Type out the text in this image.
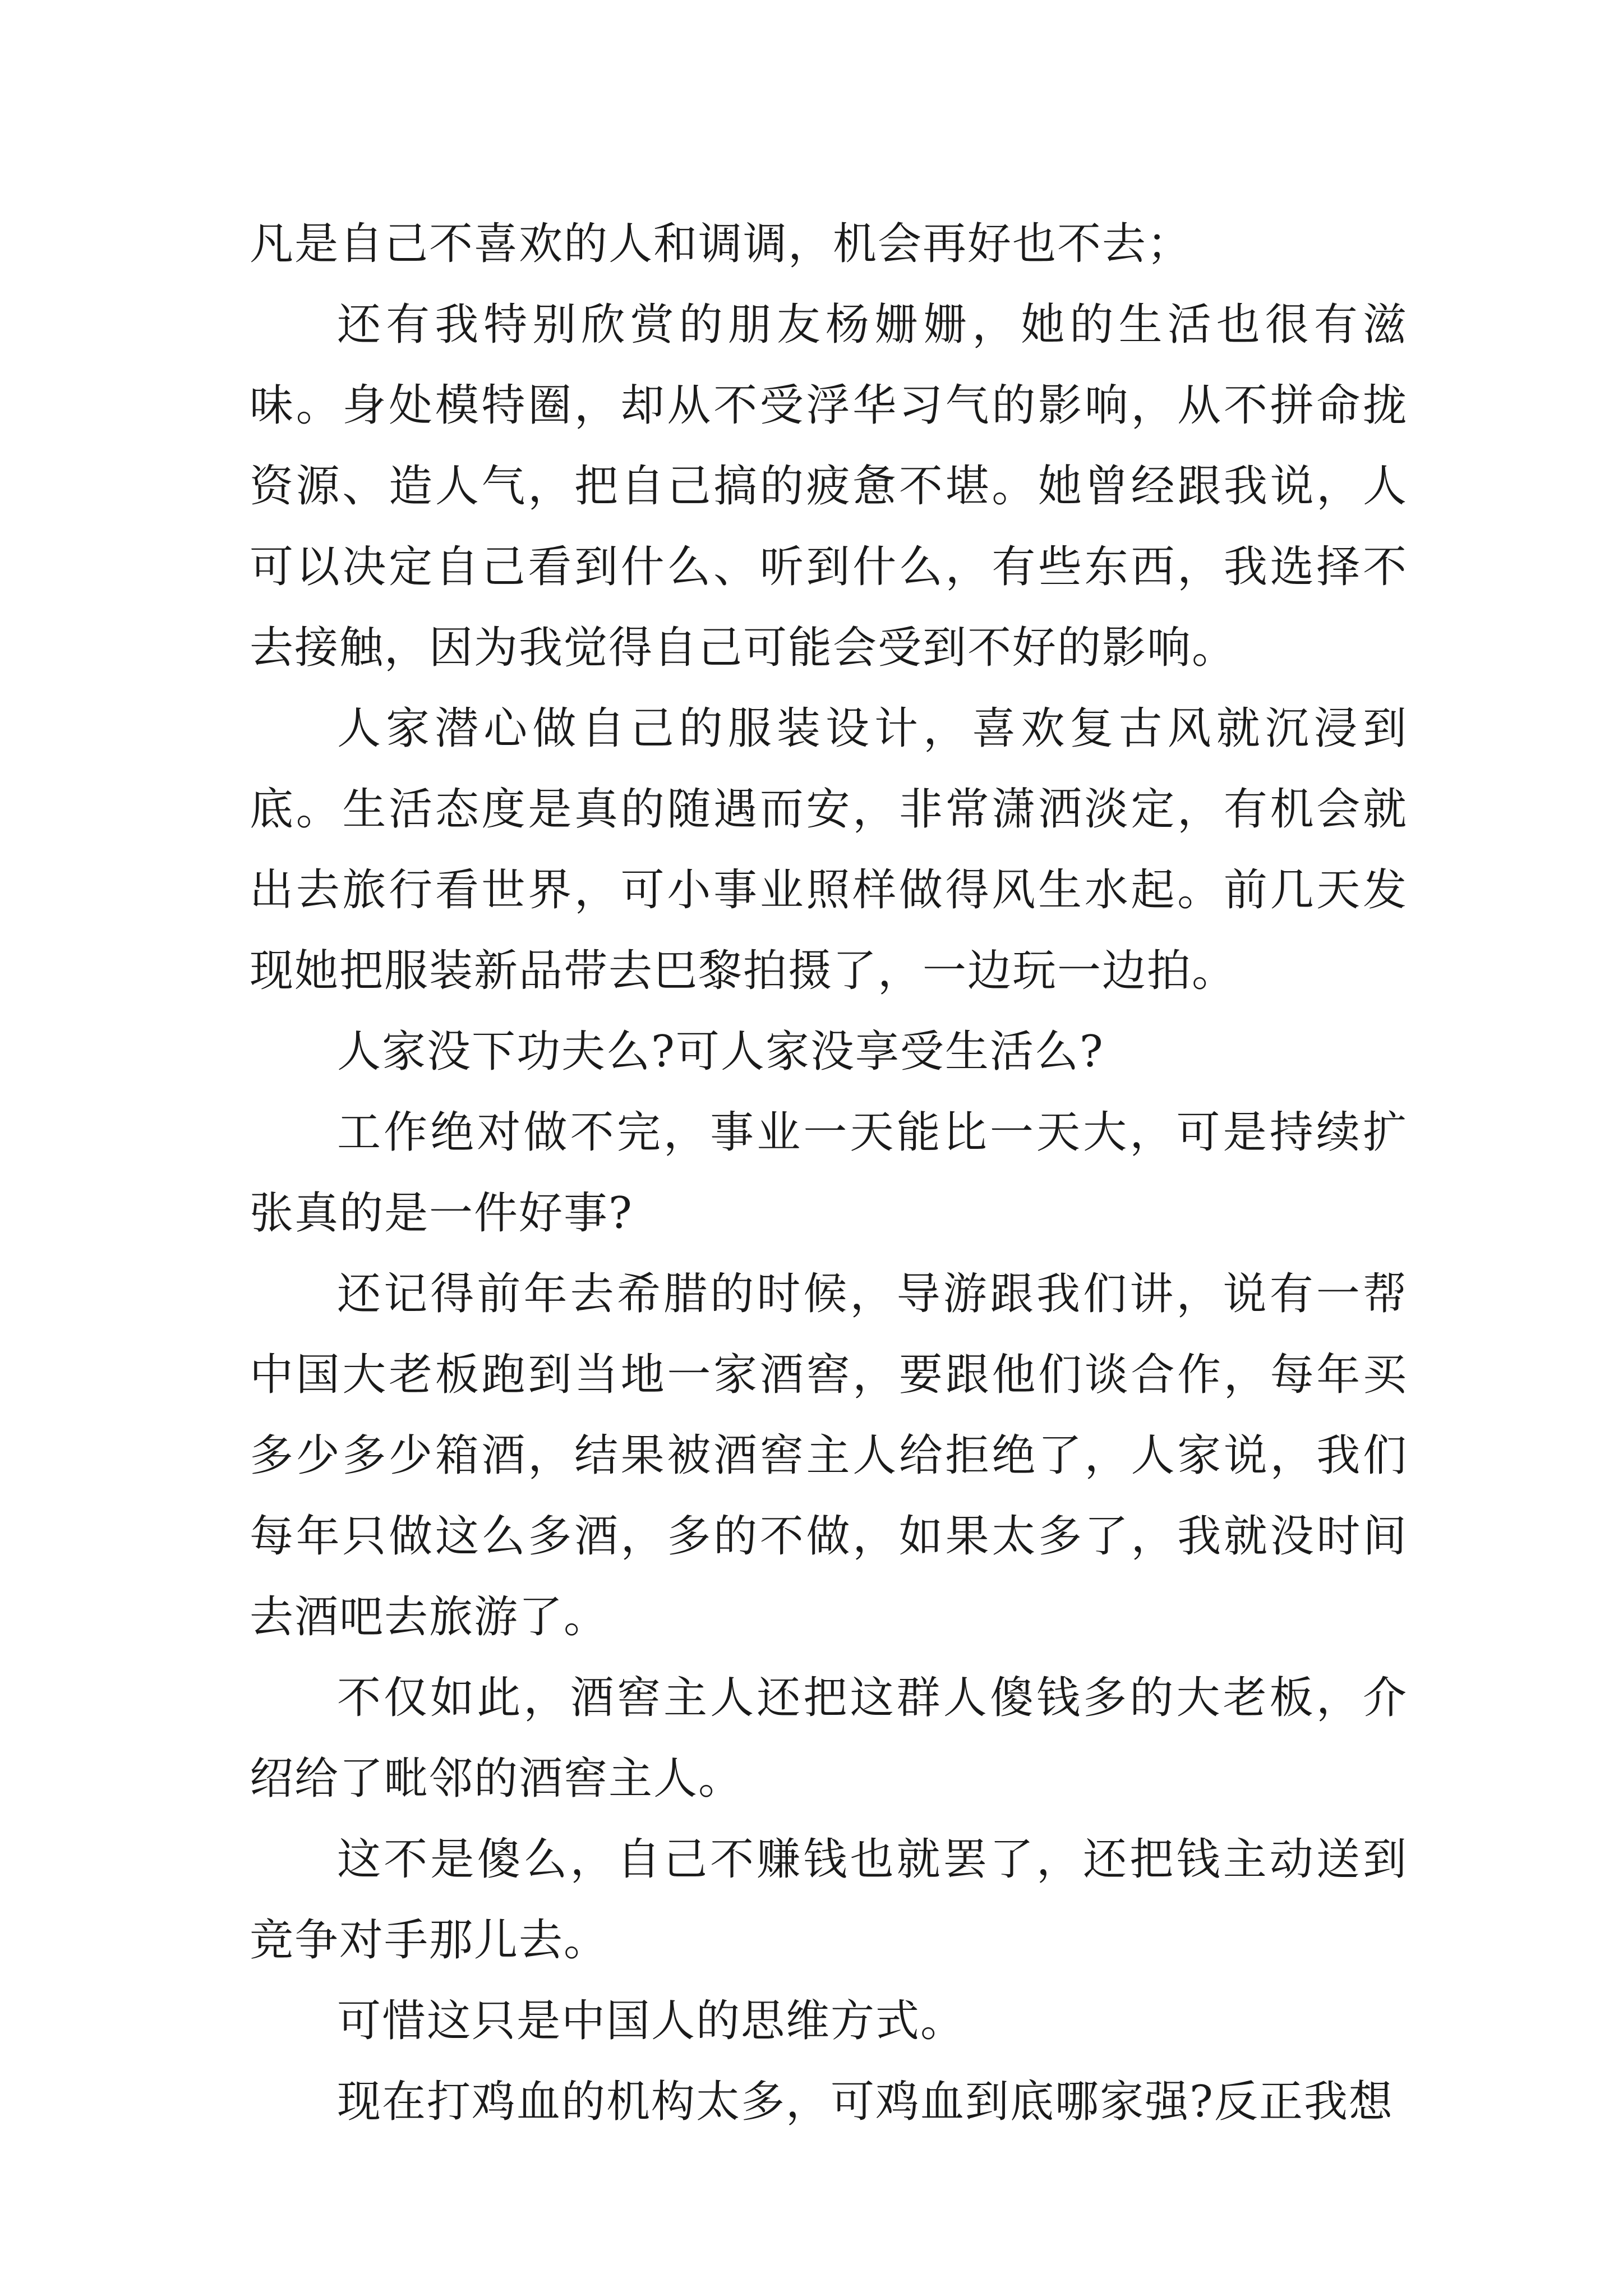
凡是自己不喜欢的人和调调，机会再好也不去；

还有我特别欣赏的朋友杨姗姗，她的生活也很有滋味。身处模特圈，却从不受浮华习气的影响，从不拼命拢资源、造人气，把自己搞的疲惫不堪。她曾经跟我说，人可以决定自己看到什么、听到什么，有些东西，我选择不去接触，因为我觉得自己可能会受到不好的影响。

人家潜心做自己的服装设计，喜欢复古风就沉浸到底。生活态度是真的随遇而安，非常潇洒淡定，有机会就出去旅行看世界，可小事业照样做得风生水起。前几天发现她把服装新品带去巴黎拍摄了，一边玩一边拍。

人家没下功夫么?可人家没享受生活么?

工作绝对做不完，事业一天能比一天大，可是持续扩张真的是一件好事?

还记得前年去希腊的时候，导游跟我们讲，说有一帮中国大老板跑到当地一家酒窖，要跟他们谈合作，每年买多少多少箱酒，结果被酒窖主人给拒绝了，人家说，我们每年只做这么多酒，多的不做，如果太多了，我就没时间去酒吧去旅游了。

不仅如此，酒窖主人还把这群人傻钱多的大老板，介绍给了毗邻的酒窖主人。

这不是傻么，自己不赚钱也就罢了，还把钱主动送到竞争对手那儿去。

可惜这只是中国人的思维方式。

现在打鸡血的机构太多，可鸡血到底哪家强?反正我想
